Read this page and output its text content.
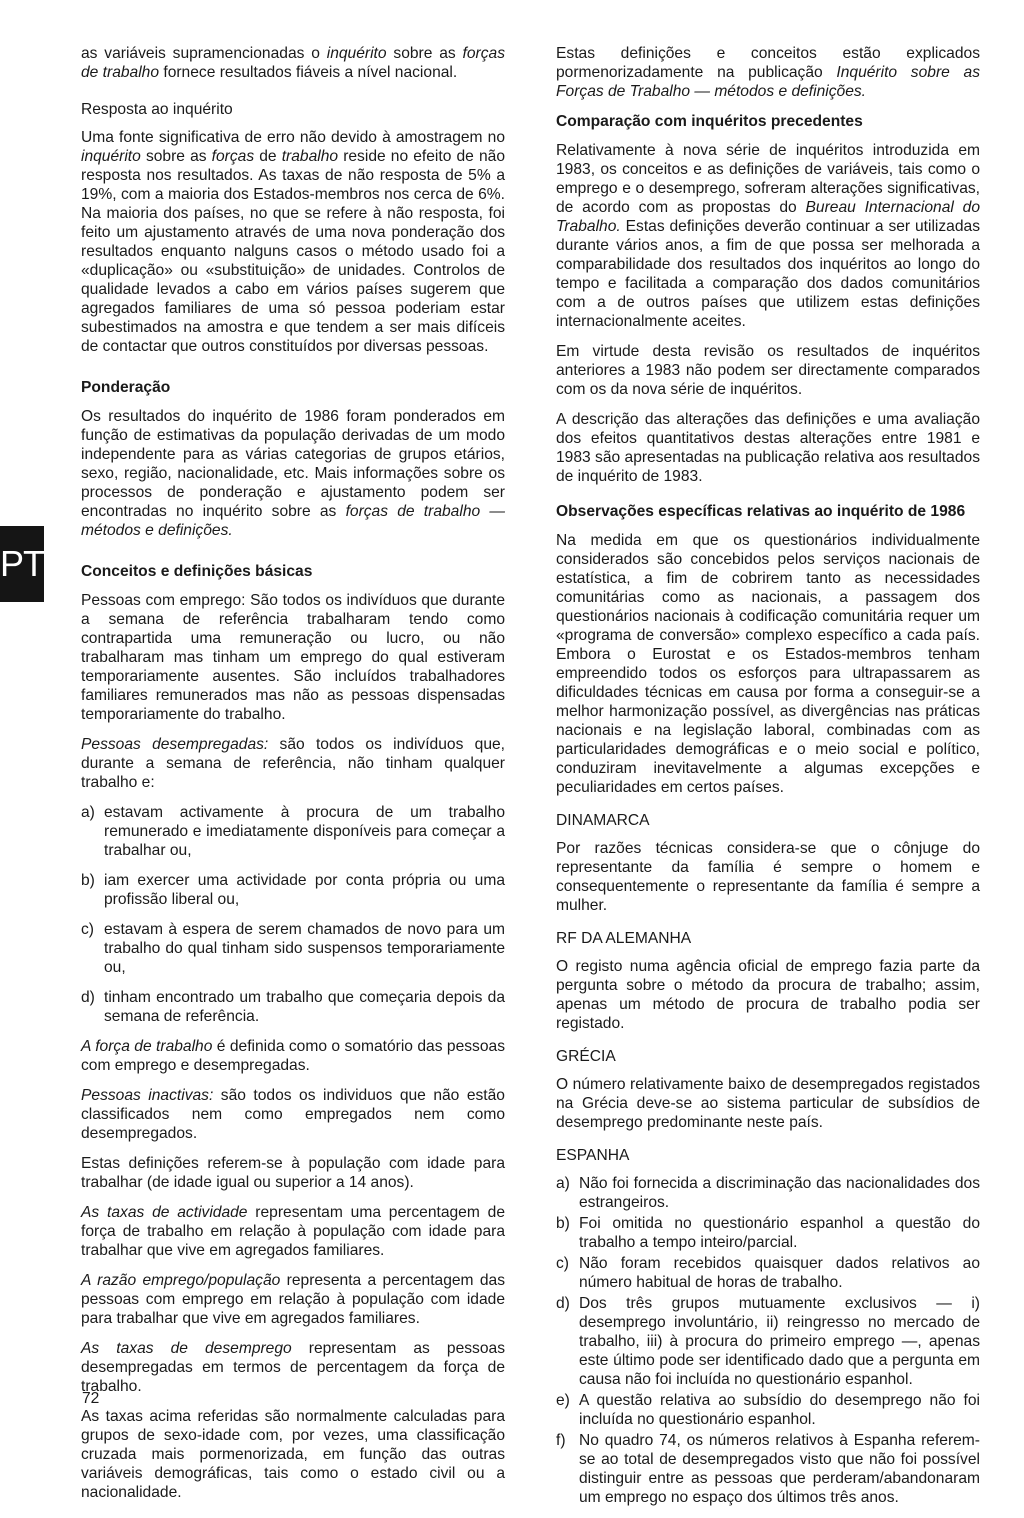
PT

as variáveis supramencionadas o inquérito sobre as forças de trabalho fornece resultados fiáveis a nível nacional.

Resposta ao inquérito

Uma fonte significativa de erro não devido à amostragem no inquérito sobre as forças de trabalho reside no efeito de não resposta nos resultados. As taxas de não resposta de 5% a 19%, com a maioria dos Estados-membros nos cerca de 6%. Na maioria dos países, no que se refere à não resposta, foi feito um ajustamento através de uma nova ponderação dos resultados enquanto nalguns casos o método usado foi a «duplicação» ou «substituição» de unidades. Controlos de qualidade levados a cabo em vários países sugerem que agregados familiares de uma só pessoa poderiam estar subestimados na amostra e que tendem a ser mais difíceis de contactar que outros constituídos por diversas pessoas.

Ponderação

Os resultados do inquérito de 1986 foram ponderados em função de estimativas da população derivadas de um modo independente para as várias categorias de grupos etários, sexo, região, nacionalidade, etc. Mais informações sobre os processos de ponderação e ajustamento podem ser encontradas no inquérito sobre as forças de trabalho — métodos e definições.

Conceitos e definições básicas

Pessoas com emprego: São todos os indivíduos que durante a semana de referência trabalharam tendo como contrapartida uma remuneração ou lucro, ou não trabalharam mas tinham um emprego do qual estiveram temporariamente ausentes. São incluídos trabalhadores familiares remunerados mas não as pessoas dispensadas temporariamente do trabalho.

Pessoas desempregadas: são todos os indivíduos que, durante a semana de referência, não tinham qualquer trabalho e:

a) estavam activamente à procura de um trabalho remunerado e imediatamente disponíveis para começar a trabalhar ou,
b) iam exercer uma actividade por conta própria ou uma profissão liberal ou,
c) estavam à espera de serem chamados de novo para um trabalho do qual tinham sido suspensos temporariamente ou,
d) tinham encontrado um trabalho que começaria depois da semana de referência.

A força de trabalho é definida como o somatório das pessoas com emprego e desempregadas.

Pessoas inactivas: são todos os individuos que não estão classificados nem como empregados nem como desempregados.

Estas definições referem-se à população com idade para trabalhar (de idade igual ou superior a 14 anos).

As taxas de actividade representam uma percentagem de força de trabalho em relação à população com idade para trabalhar que vive em agregados familiares.

A razão emprego/população representa a percentagem das pessoas com emprego em relação à população com idade para trabalhar que vive em agregados familiares.

As taxas de desemprego representam as pessoas desempregadas em termos de percentagem da força de trabalho.

As taxas acima referidas são normalmente calculadas para grupos de sexo-idade com, por vezes, uma classificação cruzada mais pormenorizada, em função das outras variáveis demográficas, tais como o estado civil ou a nacionalidade.

Estas definições e conceitos estão explicados pormenorizadamente na publicação Inquérito sobre as Forças de Trabalho — métodos e definições.

Comparação com inquéritos precedentes

Relativamente à nova série de inquéritos introduzida em 1983, os conceitos e as definições de variáveis, tais como o emprego e o desemprego, sofreram alterações significativas, de acordo com as propostas do Bureau Internacional do Trabalho. Estas definições deverão continuar a ser utilizadas durante vários anos, a fim de que possa ser melhorada a comparabilidade dos resultados dos inquéritos ao longo do tempo e facilitada a comparação dos dados comunitários com a de outros países que utilizem estas definições internacionalmente aceites.

Em virtude desta revisão os resultados de inquéritos anteriores a 1983 não podem ser directamente comparados com os da nova série de inquéritos.

A descrição das alterações das definições e uma avaliação dos efeitos quantitativos destas alterações entre 1981 e 1983 são apresentadas na publicação relativa aos resultados de inquérito de 1983.

Observações específicas relativas ao inquérito de 1986

Na medida em que os questionários individualmente considerados são concebidos pelos serviços nacionais de estatística, a fim de cobrirem tanto as necessidades comunitárias como as nacionais, a passagem dos questionários nacionais à codificação comunitária requer um «programa de conversão» complexo específico a cada país. Embora o Eurostat e os Estados-membros tenham empreendido todos os esforços para ultrapassarem as dificuldades técnicas em causa por forma a conseguir-se a melhor harmonização possível, as divergências nas práticas nacionais e na legislação laboral, combinadas com as particularidades demográficas e o meio social e político, conduziram inevitavelmente a algumas excepções e peculiaridades em certos países.

DINAMARCA

Por razões técnicas considera-se que o cônjuge do representante da família é sempre o homem e consequentemente o representante da família é sempre a mulher.

RF DA ALEMANHA

O registo numa agência oficial de emprego fazia parte da pergunta sobre o método da procura de trabalho; assim, apenas um método de procura de trabalho podia ser registado.

GRÉCIA

O número relativamente baixo de desempregados registados na Grécia deve-se ao sistema particular de subsídios de desemprego predominante neste país.

ESPANHA
a) Não foi fornecida a discriminação das nacionalidades dos estrangeiros.
b) Foi omitida no questionário espanhol a questão do trabalho a tempo inteiro/parcial.
c) Não foram recebidos quaisquer dados relativos ao número habitual de horas de trabalho.
d) Dos três grupos mutuamente exclusivos — i) desemprego involuntário, ii) reingresso no mercado de trabalho, iii) à procura do primeiro emprego —, apenas este último pode ser identificado dado que a pergunta em causa não foi incluída no questionário espanhol.
e) A questão relativa ao subsídio do desemprego não foi incluída no questionário espanhol.
f) No quadro 74, os números relativos à Espanha referem-se ao total de desempregados visto que não foi possível distinguir entre as pessoas que perderam/abandonaram um emprego no espaço dos últimos três anos.
72
